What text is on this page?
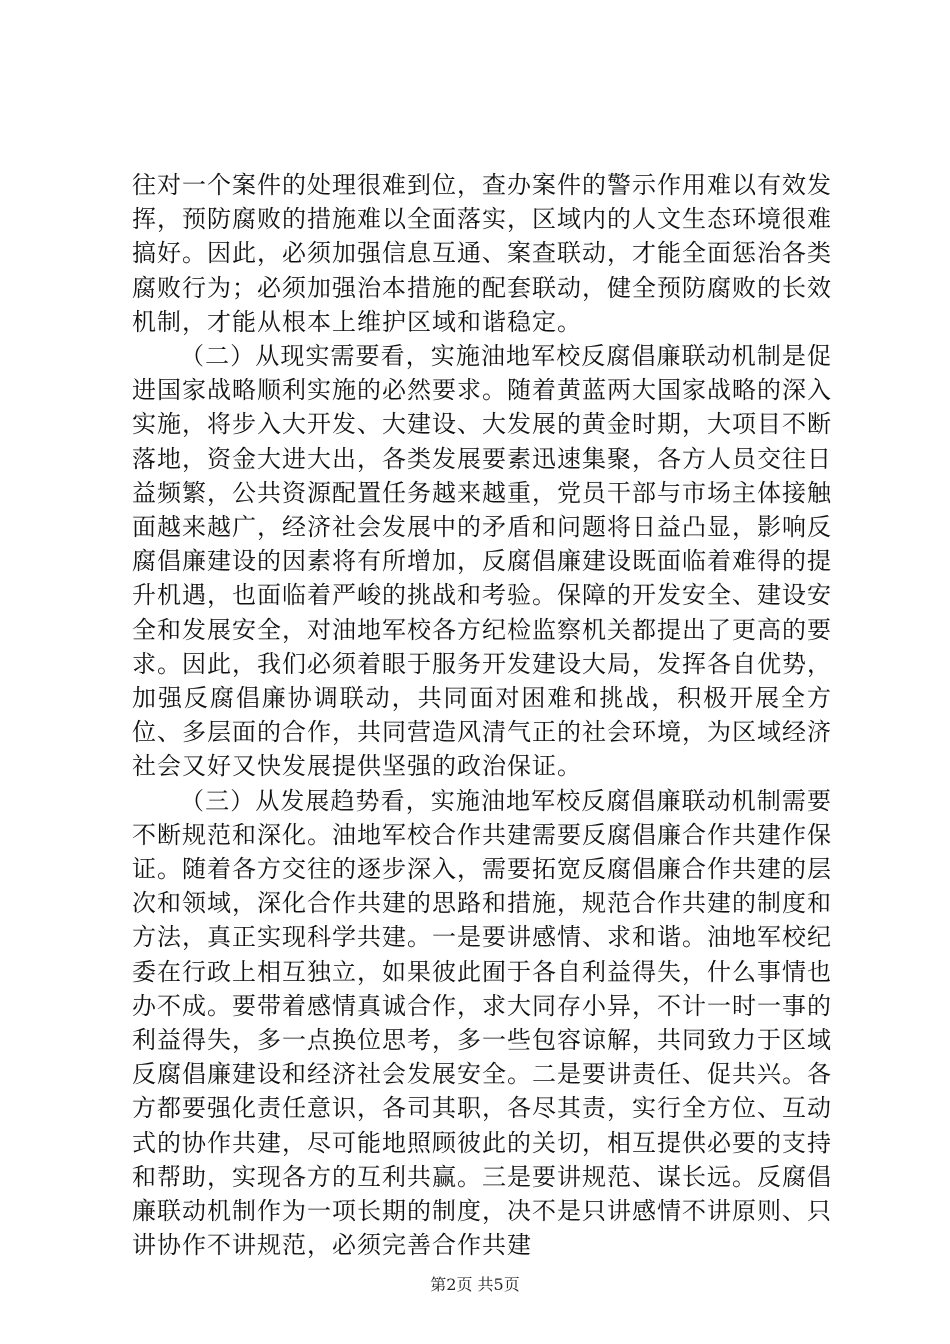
往对一个案件的处理很难到位，查办案件的警示作用难以有效发挥，预防腐败的措施难以全面落实，区域内的人文生态环境很难搞好。因此，必须加强信息互通、案查联动，才能全面惩治各类腐败行为；必须加强治本措施的配套联动，健全预防腐败的长效机制，才能从根本上维护区域和谐稳定。

（二）从现实需要看，实施油地军校反腐倡廉联动机制是促进国家战略顺利实施的必然要求。随着黄蓝两大国家战略的深入实施，将步入大开发、大建设、大发展的黄金时期，大项目不断落地，资金大进大出，各类发展要素迅速集聚，各方人员交往日益频繁，公共资源配置任务越来越重，党员干部与市场主体接触面越来越广，经济社会发展中的矛盾和问题将日益凸显，影响反腐倡廉建设的因素将有所增加，反腐倡廉建设既面临着难得的提升机遇，也面临着严峻的挑战和考验。保障的开发安全、建设安全和发展安全，对油地军校各方纪检监察机关都提出了更高的要求。因此，我们必须着眼于服务开发建设大局，发挥各自优势，加强反腐倡廉协调联动，共同面对困难和挑战，积极开展全方位、多层面的合作，共同营造风清气正的社会环境，为区域经济社会又好又快发展提供坚强的政治保证。

（三）从发展趋势看，实施油地军校反腐倡廉联动机制需要不断规范和深化。油地军校合作共建需要反腐倡廉合作共建作保证。随着各方交往的逐步深入，需要拓宽反腐倡廉合作共建的层次和领域，深化合作共建的思路和措施，规范合作共建的制度和方法，真正实现科学共建。一是要讲感情、求和谐。油地军校纪委在行政上相互独立，如果彼此囿于各自利益得失，什么事情也办不成。要带着感情真诚合作，求大同存小异，不计一时一事的利益得失，多一点换位思考，多一些包容谅解，共同致力于区域反腐倡廉建设和经济社会发展安全。二是要讲责任、促共兴。各方都要强化责任意识，各司其职，各尽其责，实行全方位、互动式的协作共建，尽可能地照顾彼此的关切，相互提供必要的支持和帮助，实现各方的互利共赢。三是要讲规范、谋长远。反腐倡廉联动机制作为一项长期的制度，决不是只讲感情不讲原则、只讲协作不讲规范，必须完善合作共建

第2页 共5页
